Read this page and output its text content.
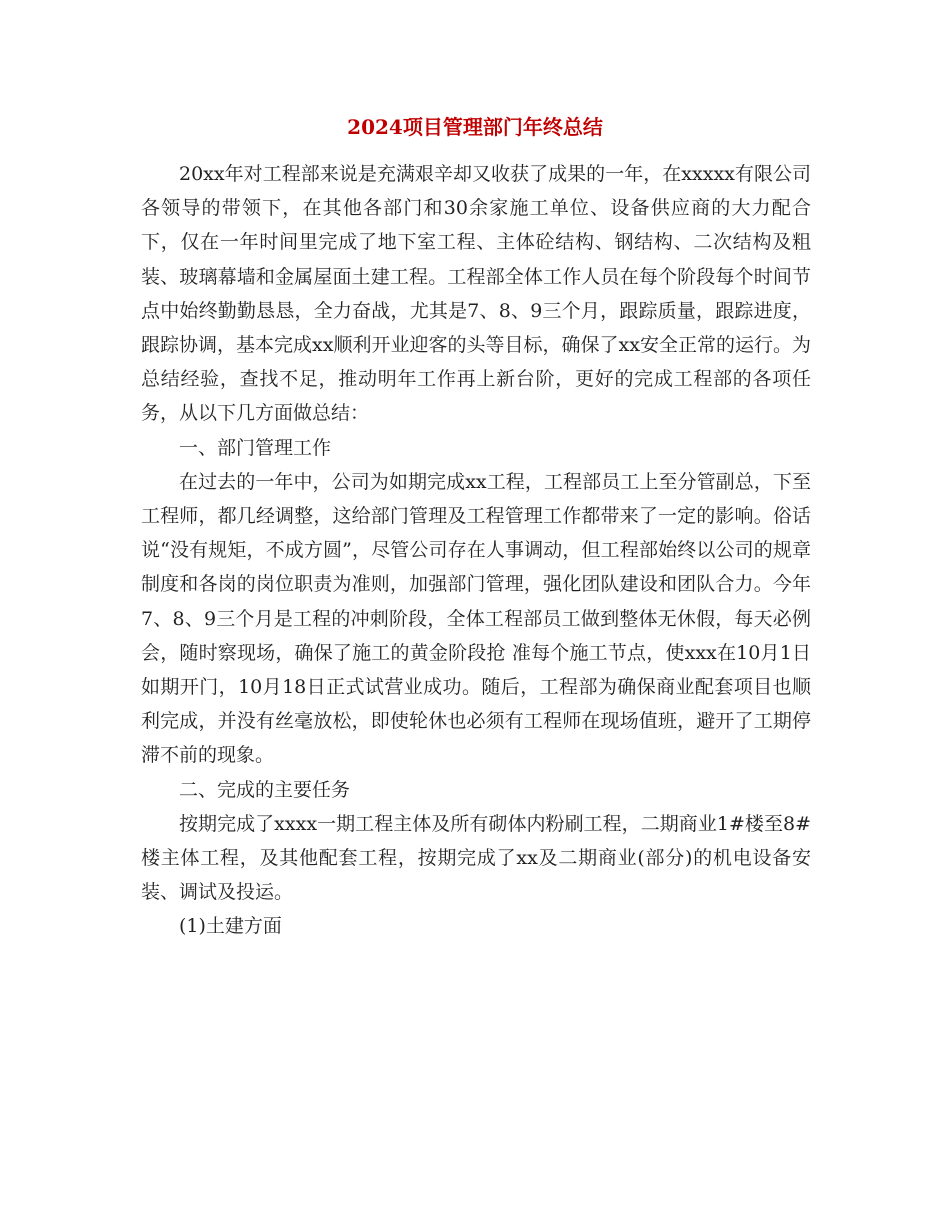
2024项目管理部门年终总结

20xx年对工程部来说是充满艰辛却又收获了成果的一年，在xxxxx有限公司各领导的带领下，在其他各部门和30余家施工单位、设备供应商的大力配合下，仅在一年时间里完成了地下室工程、主体砼结构、钢结构、二次结构及粗装、玻璃幕墙和金属屋面土建工程。工程部全体工作人员在每个阶段每个时间节点中始终勤勤恳恳，全力奋战，尤其是7、8、9三个月，跟踪质量，跟踪进度，跟踪协调，基本完成xx顺利开业迎客的头等目标，确保了xx安全正常的运行。为总结经验，查找不足，推动明年工作再上新台阶，更好的完成工程部的各项任务，从以下几方面做总结：

一、部门管理工作

在过去的一年中，公司为如期完成xx工程，工程部员工上至分管副总，下至工程师，都几经调整，这给部门管理及工程管理工作都带来了一定的影响。俗话说“没有规矩，不成方圆”，尽管公司存在人事调动，但工程部始终以公司的规章制度和各岗的岗位职责为准则，加强部门管理，强化团队建设和团队合力。今年7、8、9三个月是工程的冲刺阶段，全体工程部员工做到整体无休假，每天必例会，随时察现场，确保了施工的黄金阶段抢 准每个施工节点，使xxx在10月1日如期开门，10月18日正式试营业成功。随后，工程部为确保商业配套项目也顺利完成，并没有丝毫放松，即使轮休也必须有工程师在现场值班，避开了工期停滞不前的现象。

二、完成的主要任务

按期完成了xxxx一期工程主体及所有砌体内粉刷工程，二期商业1#楼至8#楼主体工程，及其他配套工程，按期完成了xx及二期商业(部分)的机电设备安装、调试及投运。

(1)土建方面
